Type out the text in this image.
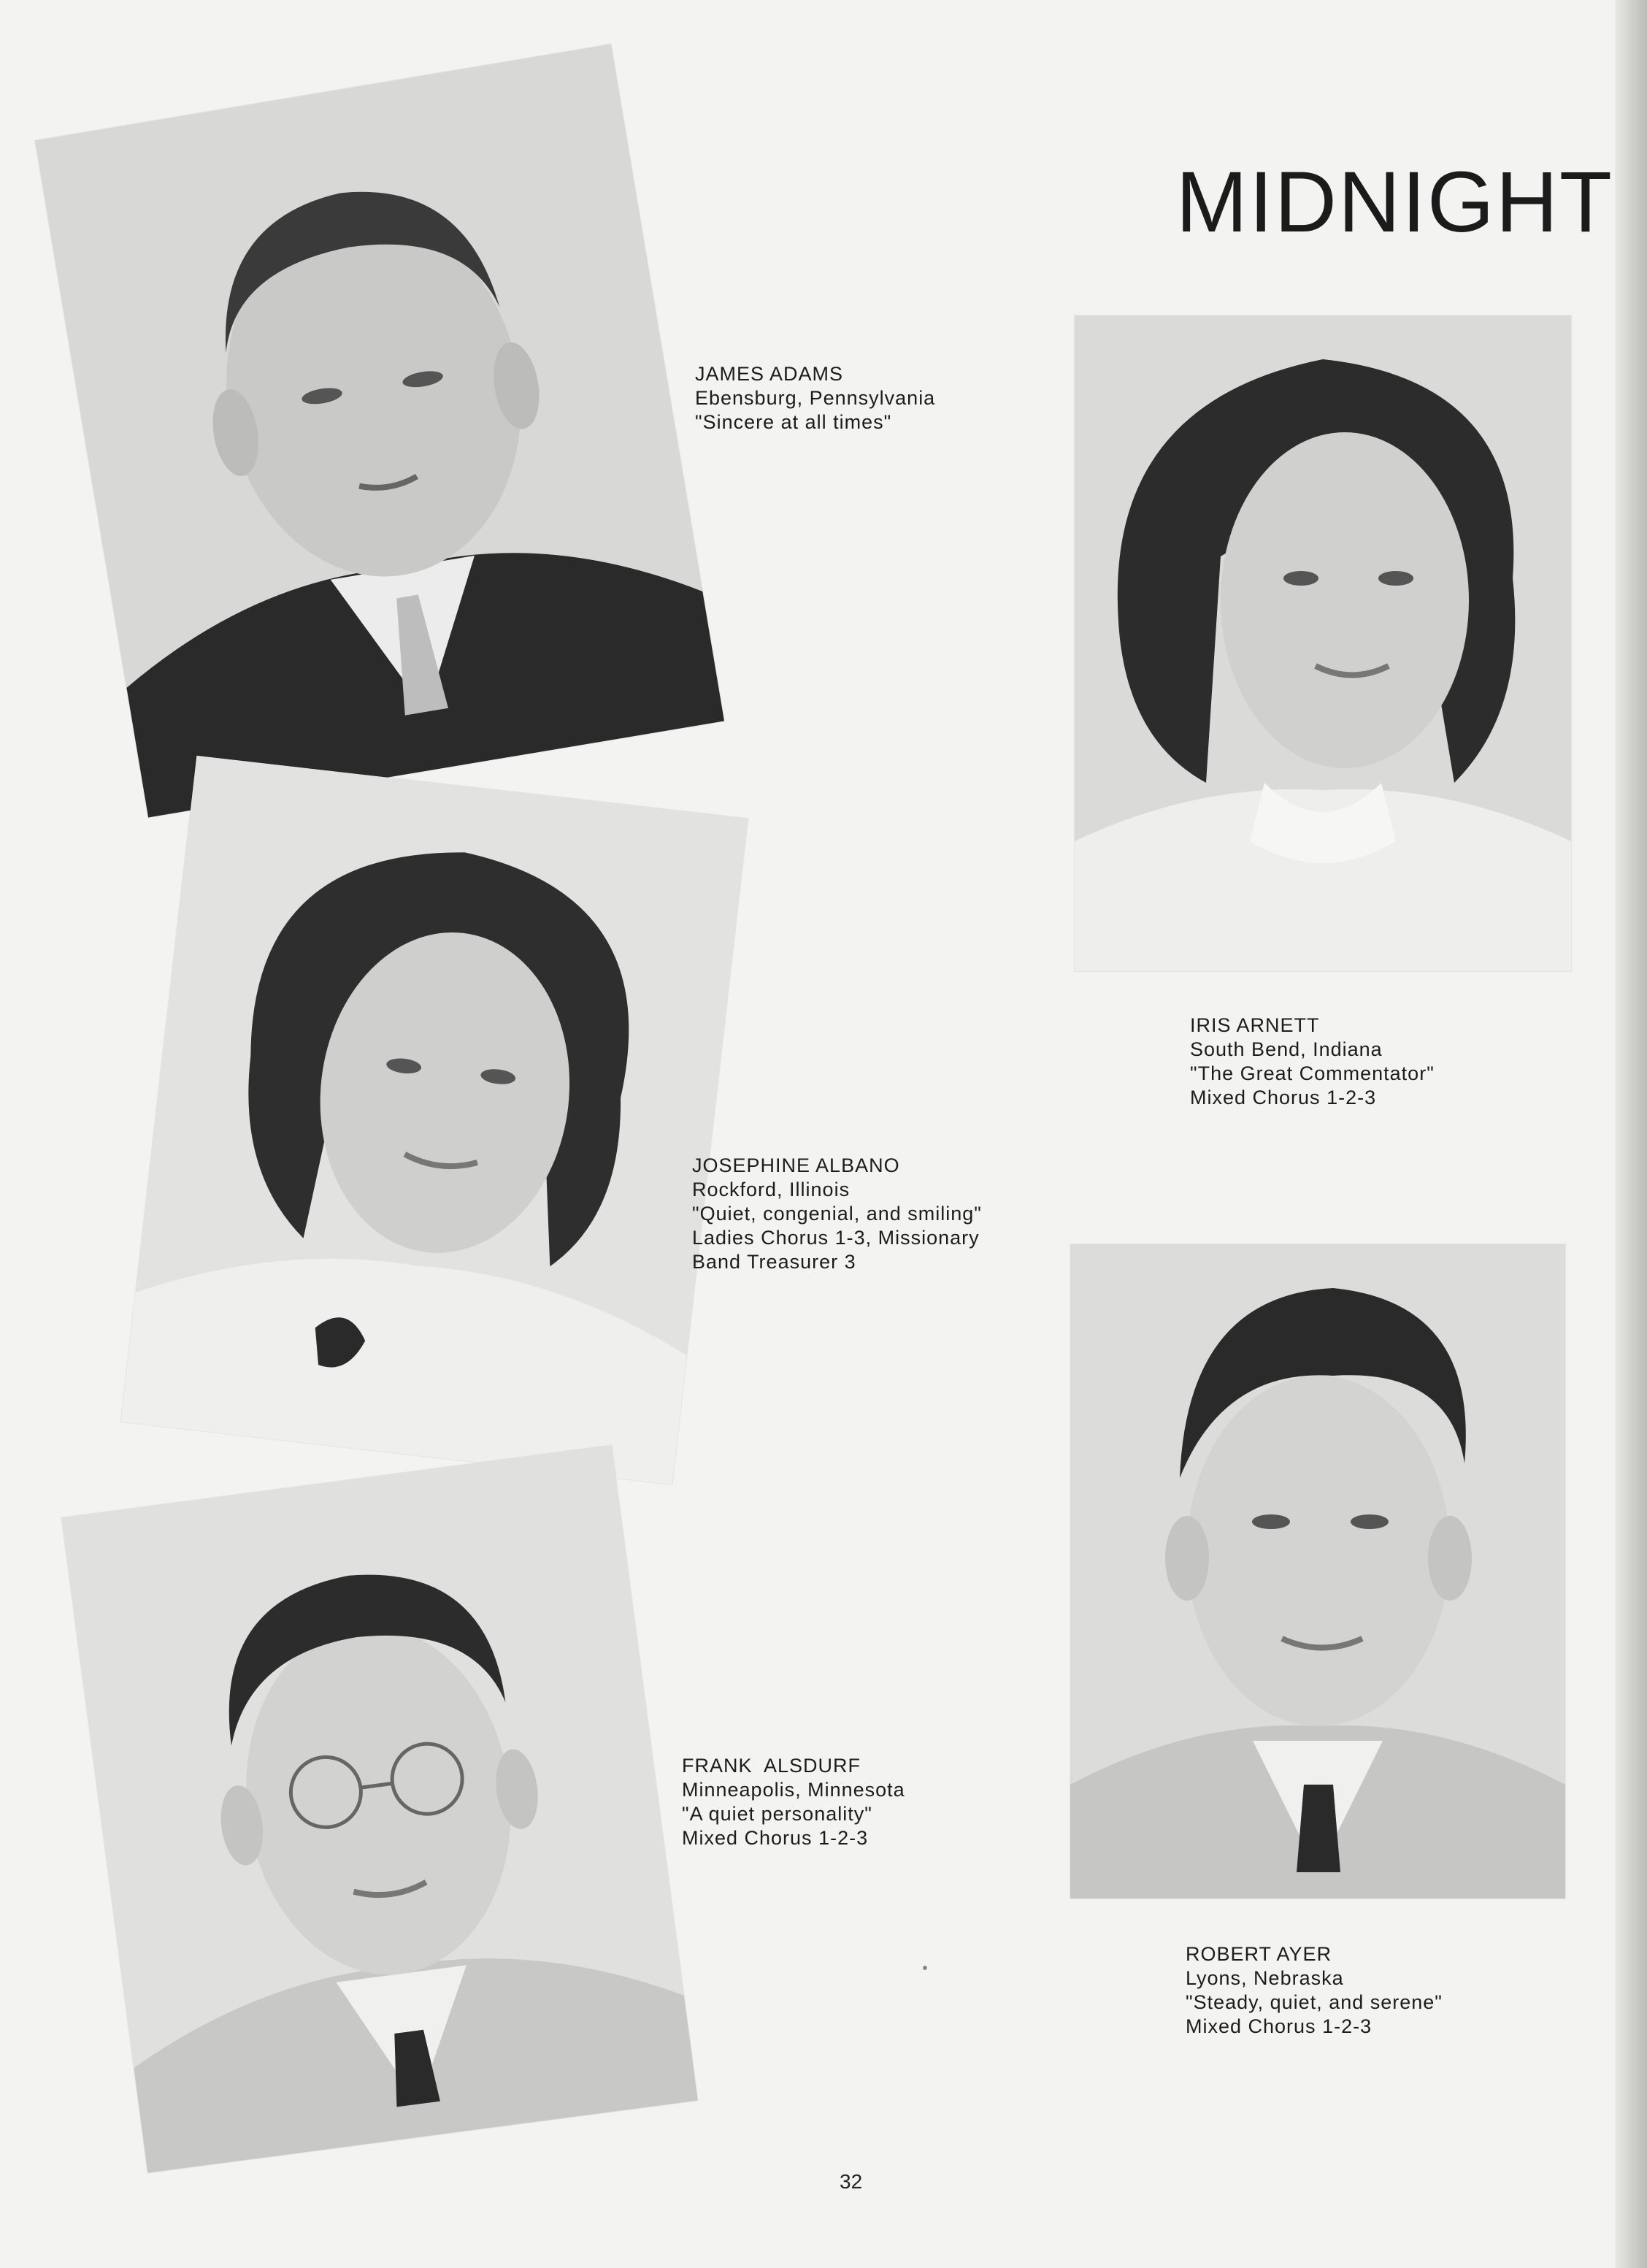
MIDNIGHT
JAMES ADAMS
Ebensburg, Pennsylvania
"Sincere at all times"
IRIS ARNETT
South Bend, Indiana
"The Great Commentator"
Mixed Chorus 1-2-3
JOSEPHINE ALBANO
Rockford, Illinois
"Quiet, congenial, and smiling"
Ladies Chorus 1-3, Missionary
Band Treasurer 3
FRANK  ALSDURF
Minneapolis, Minnesota
"A quiet personality"
Mixed Chorus 1-2-3
ROBERT AYER
Lyons, Nebraska
"Steady, quiet, and serene"
Mixed Chorus 1-2-3
32
